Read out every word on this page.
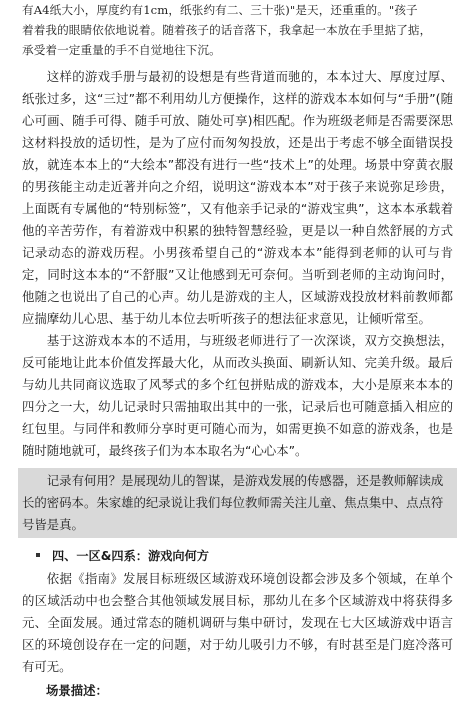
有A4纸大小，厚度约有1cm，纸张约有二、三十张)"是天，还重重的。"孩子

着着我的眼睛依依地说着。随着孩子的话音落下，我拿起一本放在手里掂了掂，

承受着一定重量的手不自觉地往下沉。

这样的游戏手册与最初的设想是有些背道而驰的，本本过大、厚度过厚、纸张过多，这“三过”都不利用幼儿方便操作，这样的游戏本本如何与“手册”(随心可画、随手可得、随手可放、随处可享)相匹配。作为班级老师是否需要深思这材料投放的适切性，是为了应付而匆匆投放，还是出于考虑不够全面错误投放，就连本本上的“大绘本”都没有进行一些“技术上”的处理。场景中穿黄衣服的男孩能主动走近著并向之介绍，说明这“游戏本本”对于孩子来说弥足珍贵，上面既有专属他的“特别标签”，又有他亲手记录的“游戏宝典”，这本本承载着他的辛苦劳作，有着游戏中积累的独特智慧经验，更是以一种自然舒展的方式记录动态的游戏历程。小男孩希望自己的“游戏本本”能得到老师的认可与肯定，同时这本本的“不舒服”又让他感到无可奈何。当听到老师的主动询问时，他随之也说出了自己的心声。幼儿是游戏的主人，区域游戏投放材料前教师都应揣摩幼儿心思、基于幼儿本位去听听孩子的想法征求意见，让倾听常至。

基于这游戏本本的不适用，与班级老师进行了一次深谈，双方交换想法，反可能地让此本价值发挥最大化，从而改头换面、刷新认知、完美升级。最后与幼儿共同商议选取了风琴式的多个红包拼贴成的游戏本，大小是原来本本的四分之一大，幼儿记录时只需抽取出其中的一张，记录后也可随意插入相应的红包里。与同伴和教师分享时更可随心而为，如需更换不如意的游戏条，也是随时随地就可，最终孩子们为本本取名为“心心本”。

记录有何用？是展现幼儿的智谋，是游戏发展的传感器，还是教师解读成长的密码本。朱家雄的纪录说让我们每位教师需关注儿童、焦点集中、点点符号皆是真。

四、一区&四系：游戏向何方

依据《指南》发展目标班级区域游戏环境创设都会涉及多个领域，在单个的区域活动中也会整合其他领域发展目标，那幼儿在多个区域游戏中将获得多元、全面发展。通过常态的随机调研与集中研讨，发现在七大区域游戏中语言区的环境创设存在一定的问题，对于幼儿吸引力不够，有时甚至是门庭冷落可有可无。

场景描述：
